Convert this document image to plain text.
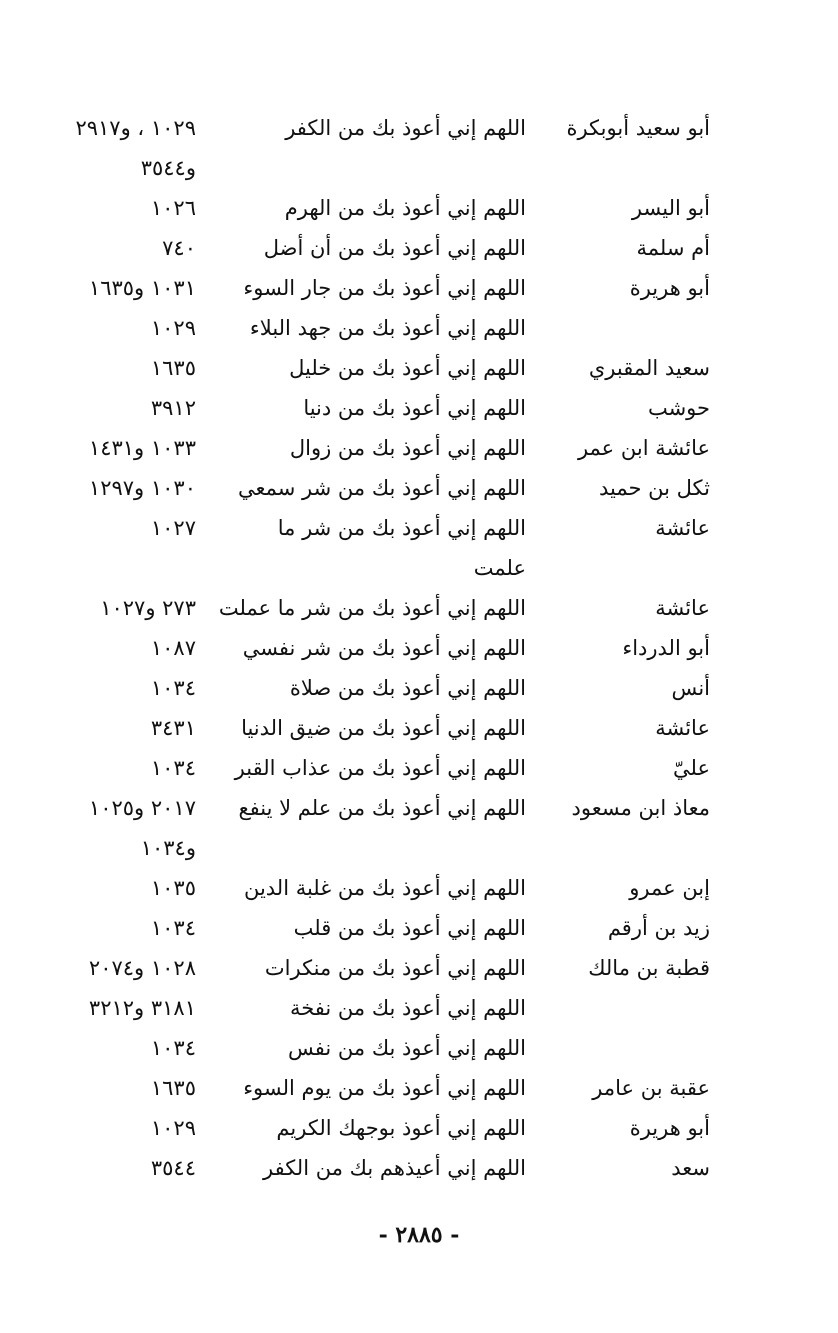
أبو سعيد أبوبكرة
اللهم إني أعوذ بك من الكفر
١٠٢٩ ، و٢٩١٧
و٣٥٤٤
أبو اليسر
اللهم إني أعوذ بك من الهرم
١٠٢٦
أم سلمة
اللهم إني أعوذ بك من أن أضل
٧٤٠
أبو هريرة
اللهم إني أعوذ بك من جار السوء
١٠٣١ و١٦٣٥
اللهم إني أعوذ بك من جهد البلاء
١٠٢٩
سعيد المقبري
اللهم إني أعوذ بك من خليل
١٦٣٥
حوشب
اللهم إني أعوذ بك من دنيا
٣٩١٢
عائشة ابن عمر
اللهم إني أعوذ بك من زوال
١٠٣٣ و١٤٣١
ثكل بن حميد
اللهم إني أعوذ بك من شر سمعي
١٠٣٠ و١٢٩٧
عائشة
اللهم إني أعوذ بك من شر ما
١٠٢٧
علمت
عائشة
اللهم إني أعوذ بك من شر ما عملت
٢٧٣ و١٠٢٧
أبو الدرداء
اللهم إني أعوذ بك من شر نفسي
١٠٨٧
أنس
اللهم إني أعوذ بك من صلاة
١٠٣٤
عائشة
اللهم إني أعوذ بك من ضيق الدنيا
٣٤٣١
عليّ
اللهم إني أعوذ بك من عذاب القبر
١٠٣٤
معاذ ابن مسعود
اللهم إني أعوذ بك من علم لا ينفع
٢٠١٧ و١٠٢٥
و١٠٣٤
إبن عمرو
اللهم إني أعوذ بك من غلبة الدين
١٠٣٥
زيد بن أرقم
اللهم إني أعوذ بك من قلب
١٠٣٤
قطبة بن مالك
اللهم إني أعوذ بك من منكرات
١٠٢٨ و٢٠٧٤
اللهم إني أعوذ بك من نفخة
٣١٨١ و٣٢١٢
اللهم إني أعوذ بك من نفس
١٠٣٤
عقبة بن عامر
اللهم إني أعوذ بك من يوم السوء
١٦٣٥
أبو هريرة
اللهم إني أعوذ بوجهك الكريم
١٠٢٩
سعد
اللهم إني أعيذهم بك من الكفر
٣٥٤٤
- ٢٨٨٥ -
